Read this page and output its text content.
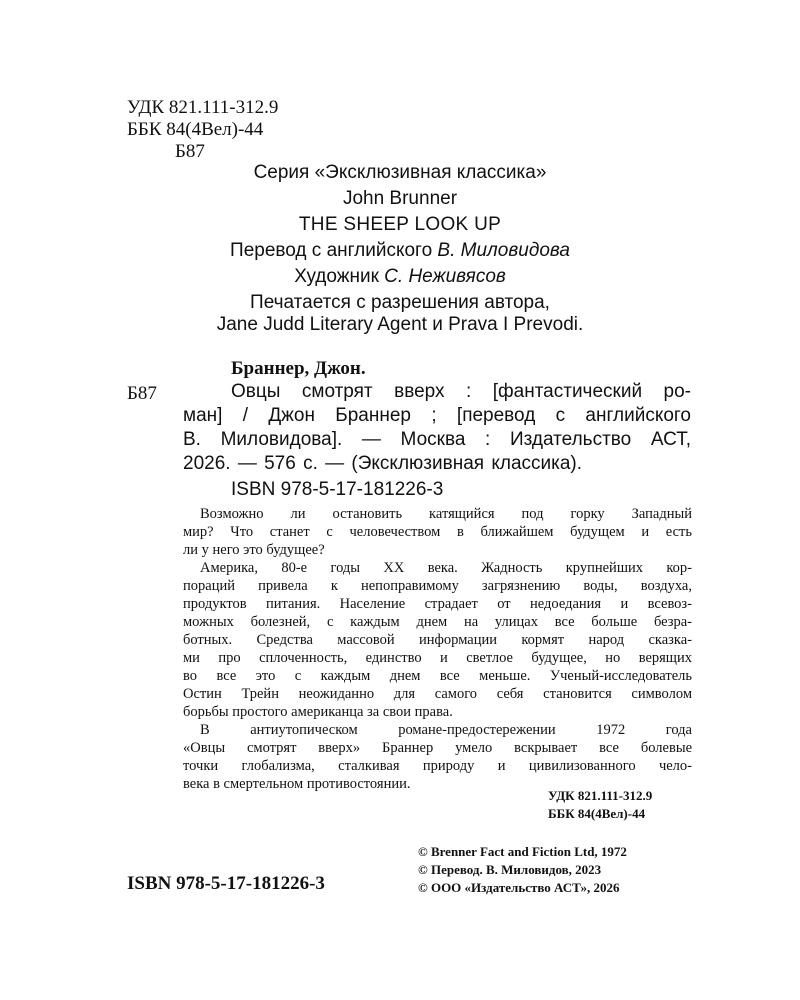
УДК 821.111-312.9
ББК 84(4Вел)-44
Б87
Серия «Эксклюзивная классика»
John Brunner
THE SHEEP LOOK UP
Перевод с английского В. Миловидова
Художник С. Неживясов
Печатается с разрешения автора,
Jane Judd Literary Agent и Prava I Prevodi.
Браннер, Джон.
Б87	Овцы смотрят вверх : [фантастический ро-
ман] / Джон Браннер ; [перевод с английского
В. Миловидова]. — Москва : Издательство АСТ,
2026. — 576 с. — (Эксклюзивная классика).
ISBN 978-5-17-181226-3
Возможно ли остановить катящийся под горку Западный
мир? Что станет с человечеством в ближайшем будущем и есть
ли у него это будущее?
Америка, 80-е годы XX века. Жадность крупнейших кор-
пораций привела к непоправимому загрязнению воды, воздуха,
продуктов питания. Население страдает от недоедания и всевоз-
можных болезней, с каждым днем на улицах все больше безра-
ботных. Средства массовой информации кормят народ сказка-
ми про сплоченность, единство и светлое будущее, но верящих
во все это с каждым днем все меньше. Ученый-исследователь
Остин Трейн неожиданно для самого себя становится символом
борьбы простого американца за свои права.
В антиутопическом романе-предостережении 1972 года
«Овцы смотрят вверх» Браннер умело вскрывает все болевые
точки глобализма, сталкивая природу и цивилизованного чело-
века в смертельном противостоянии.
УДК 821.111-312.9
ББК 84(4Вел)-44
© Brenner Fact and Fiction Ltd, 1972
© Перевод. В. Миловидов, 2023
© ООО «Издательство АСТ», 2026
ISBN 978-5-17-181226-3
